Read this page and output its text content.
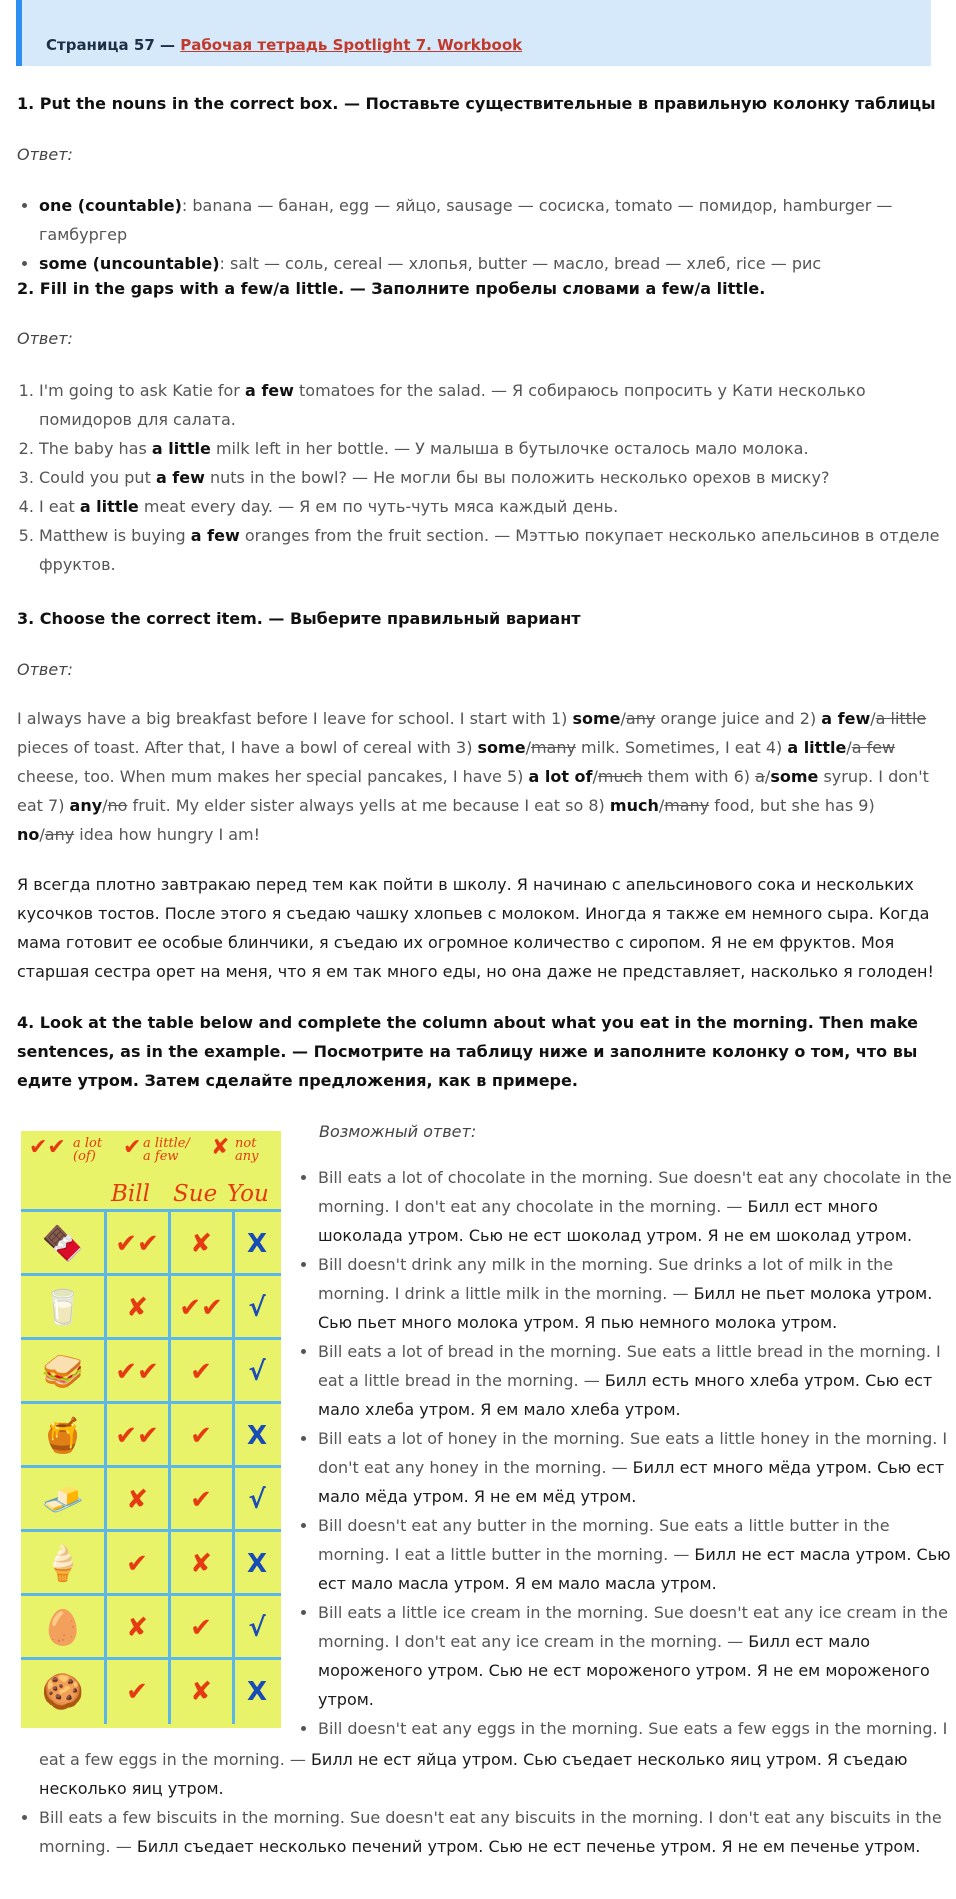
Страница 57 — Рабочая тетрадь Spotlight 7. Workbook
1. Put the nouns in the correct box. — Поставьте существительные в правильную колонку таблицы
Ответ:
• one (countable): banana — банан, egg — яйцо, sausage — сосиска, tomato — помидор, hamburger — гамбургер
• some (uncountable): salt — соль, cereal — хлопья, butter — масло, bread — хлеб, rice — рис
2. Fill in the gaps with a few/a little. — Заполните пробелы словами a few/a little.
Ответ:
1. I'm going to ask Katie for a few tomatoes for the salad. — Я собираюсь попросить у Кати несколько помидоров для салата.
2. The baby has a little milk left in her bottle. — У малыша в бутылочке осталось мало молока.
3. Could you put a few nuts in the bowl? — Не могли бы вы положить несколько орехов в миску?
4. I eat a little meat every day. — Я ем по чуть-чуть мяса каждый день.
5. Matthew is buying a few oranges from the fruit section. — Мэттью покупает несколько апельсинов в отделе фруктов.
3. Choose the correct item. — Выберите правильный вариант
Ответ:
I always have a big breakfast before I leave for school. I start with 1) some/any orange juice and 2) a few/a little pieces of toast. After that, I have a bowl of cereal with 3) some/many milk. Sometimes, I eat 4) a little/a few cheese, too. When mum makes her special pancakes, I have 5) a lot of/much them with 6) a/some syrup. I don't eat 7) any/no fruit. My elder sister always yells at me because I eat so 8) much/many food, but she has 9) no/any idea how hungry I am!
Я всегда плотно завтракаю перед тем как пойти в школу. Я начинаю с апельсинового сока и нескольких кусочков тостов. После этого я съедаю чашку хлопьев с молоком. Иногда я также ем немного сыра. Когда мама готовит ее особые блинчики, я съедаю их огромное количество с сиропом. Я не ем фруктов. Моя старшая сестра орет на меня, что я ем так много еды, но она даже не представляет, насколько я голоден!
4. Look at the table below and complete the column about what you eat in the morning. Then make sentences, as in the example. — Посмотрите на таблицу ниже и заполните колонку о том, что вы едите утром. Затем сделайте предложения, как в примере.
✔✔ a lot (of)	✔ a little/ a few	✘ not any
Bill Sue You
🍫	✔✔	✘	X
🥛	✘	✔✔ √
🥪	✔✔	✔	√
🍯	✔✔	✔	X
🧈	✘	✔	√
🍦	✔	✘	X
🥚	✘	✔	√
🍪	✔	✘	X
Возможный ответ:
• Bill eats a lot of chocolate in the morning. Sue doesn't eat any chocolate in the morning. I don't eat any chocolate in the morning. — Билл ест много шоколада утром. Сью не ест шоколад утром. Я не ем шоколад утром.
• Bill doesn't drink any milk in the morning. Sue drinks a lot of milk in the morning. I drink a little milk in the morning. — Билл не пьет молока утром. Сью пьет много молока утром. Я пью немного молока утром.
• Bill eats a lot of bread in the morning. Sue eats a little bread in the morning. I eat a little bread in the morning. — Билл есть много хлеба утром. Сью ест мало хлеба утром. Я ем мало хлеба утром.
• Bill eats a lot of honey in the morning. Sue eats a little honey in the morning. I don't eat any honey in the morning. — Билл ест много мёда утром. Сью ест мало мёда утром. Я не ем мёд утром.
• Bill doesn't eat any butter in the morning. Sue eats a little butter in the morning. I eat a little butter in the morning. — Билл не ест масла утром. Сью ест мало масла утром. Я ем мало масла утром.
• Bill eats a little ice cream in the morning. Sue doesn't eat any ice cream in the morning. I don't eat any ice cream in the morning. — Билл ест мало мороженого утром. Сью не ест мороженого утром. Я не ем мороженого утром.
• Bill doesn't eat any eggs in the morning. Sue eats a few eggs in the morning. I
eat a few eggs in the morning. — Билл не ест яйца утром. Сью съедает несколько яиц утром. Я съедаю несколько яиц утром.
• Bill eats a few biscuits in the morning. Sue doesn't eat any biscuits in the morning. I don't eat any biscuits in the morning. — Билл съедает несколько печений утром. Сью не ест печенье утром. Я не ем печенье утром.
